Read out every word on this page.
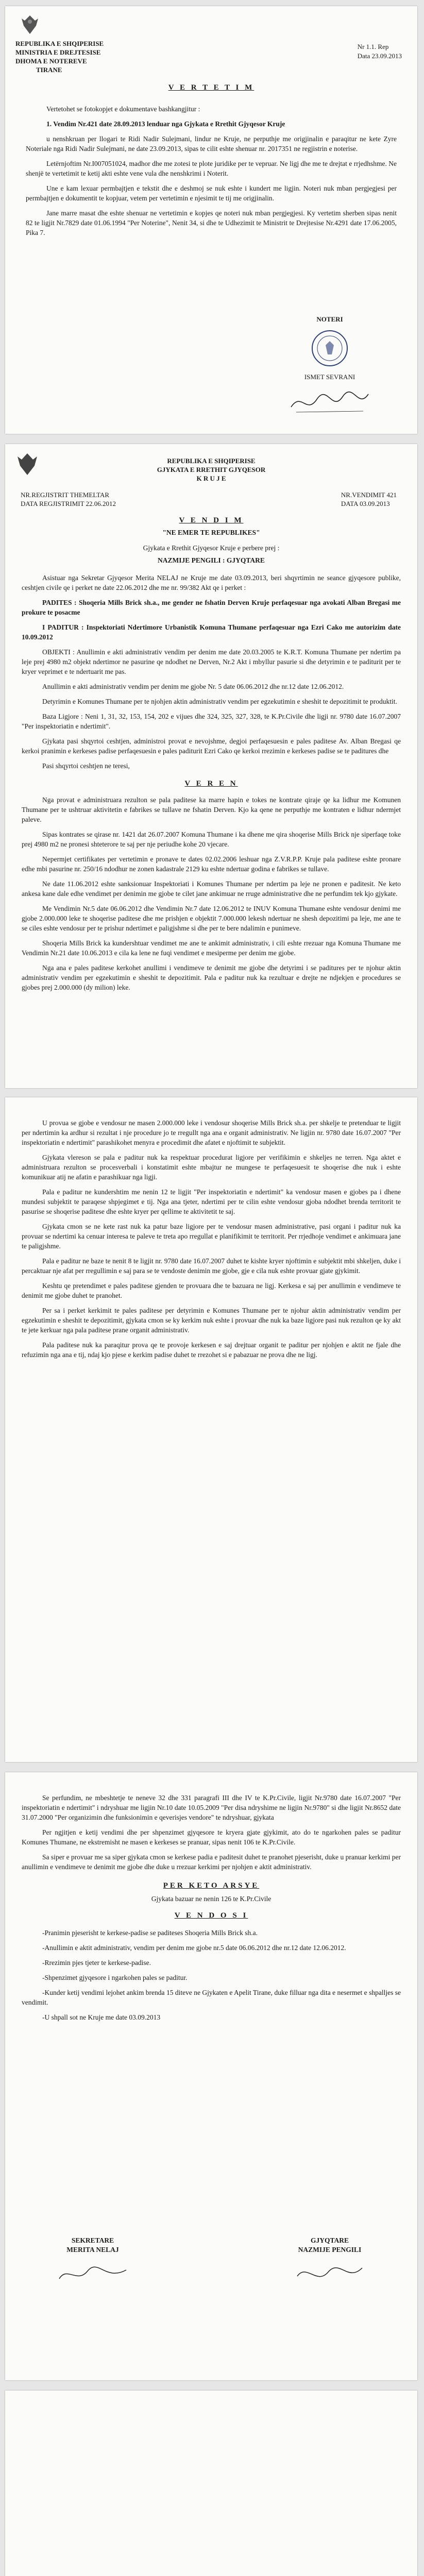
REPUBLIKA E SHQIPERISE
MINISTRIA E DREJTESISE
DHOMA E NOTEREVE
TIRANE
Nr 1.1. Rep
Data 23.09.2013
V E R T E T I M

Vertetohet se fotokopjet e dokumentave bashkangjitur :

1. Vendim Nr.421 date 28.09.2013 lenduar nga Gjykata e Rrethit Gjyqesor Kruje

u nenshkruan per llogari te Ridi Nadir Sulejmani, lindur ne Kruje, ne perputhje me origjinalin e paraqitur ne kete Zyre Noteriale nga Ridi Nadir Sulejmani, ne date 23.09.2013, sipas te cilit eshte shenuar nr. 2017351 ne regjistrin e noterise.

Letërnjoftim Nr.I007051024, madhor dhe me zotesi te plote juridike per te vepruar. Ne ligj dhe me te drejtat e rrjedhshme. Ne shenjë te vertetimit te ketij akti eshte vene vula dhe nenshkrimi i Noterit.

Une e kam lexuar permbajtjen e tekstit dhe e deshmoj se nuk eshte i kundert me ligjin. Noteri nuk mban pergjegjesi per permbajtjen e dokumentit te kopjuar, vetem per vertetimin e njesimit te tij me origjinalin.

Jane marre masat dhe eshte shenuar ne vertetimin e kopjes qe noteri nuk mban pergjegjesi. Ky vertetim sherben sipas nenit 82 te ligjit Nr.7829 date 01.06.1994 "Per Noterine", Nenit 34, si dhe te Udhezimit te Ministrit te Drejtesise Nr.4291 date 17.06.2005, Pika 7.

NOTERI
ISMET SEVRANI
REPUBLIKA E SHQIPERISE
GJYKATA E RRETHIT GJYQESOR
K R U J E
NR.REGJISTRIT THEMELTAR
DATA REGJISTRIMIT 22.06.2012
NR.VENDIMIT 421
DATA 03.09.2013
V E N D I M
"NE EMER TE REPUBLIKES"
Gjykata e Rrethit Gjyqesor Kruje e perbere prej :
NAZMIJE PENGILI : GJYQTARE

Asistuar nga Sekretar Gjyqesor Merita NELAJ ne Kruje me date 03.09.2013, beri shqyrtimin ne seance gjyqesore publike, ceshtjen civile qe i perket ne date 22.06.2012 dhe me nr. 99/382 Akt qe i perket :

PADITES : Shoqeria Mills Brick sh.a., me gender ne fshatin Derven Kruje perfaqesuar nga avokati Alban Bregasi me prokure te posacme

I PADITUR : Inspektoriati Ndertimore Urbanistik Komuna Thumane perfaqesuar nga Ezri Cako me autorizim date 10.09.2012

OBJEKTI : Anullimin e akti administrativ vendim per denim me date 20.03.2005 te K.R.T. Komuna Thumane per ndertim pa leje prej 4980 m2 objekt ndertimor ne pasurine qe ndodhet ne Derven, Nr.2 Akt i mbyllur pasurie si dhe detyrimin e te paditurit per te kryer veprimet e te ndertuarit me pas.

Anullimin e akti administrativ vendim per denim me gjobe Nr. 5 date 06.06.2012 dhe nr.12 date 12.06.2012.

Detyrimin e Komunes Thumane per te njohjen aktin administrativ vendim per egzekutimin e sheshit te depozitimit te produktit.

Baza Ligjore : Neni 1, 31, 32, 153, 154, 202 e vijues dhe 324, 325, 327, 328, te K.Pr.Civile dhe ligji nr. 9780 date 16.07.2007 "Per inspektoriatin e ndertimit".

Gjykata pasi shqyrtoi ceshtjen, administroi provat e nevojshme, degjoi perfaqesuesin e pales paditese Av. Alban Bregasi qe kerkoi pranimin e kerkeses padise perfaqesuesin e pales paditurit Ezri Cako qe kerkoi rrezimin e kerkeses padise se te paditures dhe

Pasi shqyrtoi ceshtjen ne teresi,

V E R E N

Nga provat e administruara rezulton se pala paditese ka marre hapin e tokes ne kontrate qiraje qe ka lidhur me Komunen Thumane per te ushtruar aktivitetin e fabrikes se tullave ne fshatin Derven. Kjo ka qene ne perputhje me kontraten e lidhur ndermjet paleve.

Sipas kontrates se qirase nr. 1421 dat 26.07.2007 Komuna Thumane i ka dhene me qira shoqerise Mills Brick nje siperfaqe toke prej 4980 m2 ne pronesi shteterore te saj per nje periudhe kohe 20 vjecare.

Nepermjet certifikates per vertetimin e pronave te dates 02.02.2006 leshuar nga Z.V.R.P.P. Kruje pala paditese eshte pronare edhe mbi pasurine nr. 250/16 ndodhur ne zonen kadastrale 2129 ku eshte ndertuar godina e fabrikes se tullave.

Ne date 11.06.2012 eshte sanksionuar Inspektoriati i Komunes Thumane per ndertim pa leje ne pronen e paditesit. Ne keto ankesa kane dale edhe vendimet per denimin me gjobe te cilet jane ankimuar ne rruge administrative dhe ne perfundim tek kjo gjykate.

Me Vendimin Nr.5 date 06.06.2012 dhe Vendimin Nr.7 date 12.06.2012 te INUV Komuna Thumane eshte vendosur denimi me gjobe 2.000.000 leke te shoqerise paditese dhe me prishjen e objektit 7.000.000 lekesh ndertuar ne shesh depozitimi pa leje, me ane te se ciles eshte vendosur per te prishur ndertimet e paligjshme si dhe per te bere ndalimin e punimeve.

Shoqeria Mills Brick ka kundershtuar vendimet me ane te ankimit administrativ, i cili eshte rrezuar nga Komuna Thumane me Vendimin Nr.21 date 10.06.2013 e cila ka lene ne fuqi vendimet e mesiperme per denim me gjobe.

Nga ana e pales paditese kerkohet anullimi i vendimeve te denimit me gjobe dhe detyrimi i se paditures per te njohur aktin administrativ vendim per egzekutimin e sheshit te depozitimit. Pala e paditur nuk ka rezultuar e drejte ne ndjekjen e procedures se gjobes prej 2.000.000 (dy milion) leke.

U provua se gjobe e vendosur ne masen 2.000.000 leke i vendosur shoqerise Mills Brick sh.a. per shkelje te pretenduar te ligjit per ndertimin ka ardhur si rezultat i nje procedure jo te rregullt nga ana e organit administrativ. Ne ligjin nr. 9780 date 16.07.2007 "Per inspektoriatin e ndertimit" parashikohet menyra e procedimit dhe afatet e njoftimit te subjektit.

Gjykata vlereson se pala e paditur nuk ka respektuar procedurat ligjore per verifikimin e shkeljes ne terren. Nga aktet e administruara rezulton se procesverbali i konstatimit eshte mbajtur ne mungese te perfaqesuesit te shoqerise dhe nuk i eshte komunikuar atij ne afatin e parashikuar nga ligji.

Pala e paditur ne kundershtim me nenin 12 te ligjit "Per inspektoriatin e ndertimit" ka vendosur masen e gjobes pa i dhene mundesi subjektit te paraqese shpjegimet e tij. Nga ana tjeter, ndertimi per te cilin eshte vendosur gjoba ndodhet brenda territorit te pasurise se shoqerise paditese dhe eshte kryer per qellime te aktivitetit te saj.

Gjykata cmon se ne kete rast nuk ka patur baze ligjore per te vendosur masen administrative, pasi organi i paditur nuk ka provuar se ndertimi ka cenuar interesa te paleve te treta apo rregullat e planifikimit te territorit. Per rrjedhoje vendimet e ankimuara jane te paligjshme.

Pala e paditur ne baze te nenit 8 te ligjit nr. 9780 date 16.07.2007 duhet te kishte kryer njoftimin e subjektit mbi shkeljen, duke i percaktuar nje afat per rregullimin e saj para se te vendoste denimin me gjobe, gje e cila nuk eshte provuar gjate gjykimit.

Keshtu qe pretendimet e pales paditese gjenden te provuara dhe te bazuara ne ligj. Kerkesa e saj per anullimin e vendimeve te denimit me gjobe duhet te pranohet.

Per sa i perket kerkimit te pales paditese per detyrimin e Komunes Thumane per te njohur aktin administrativ vendim per egzekutimin e sheshit te depozitimit, gjykata cmon se ky kerkim nuk eshte i provuar dhe nuk ka baze ligjore pasi nuk rezulton qe ky akt te jete kerkuar nga pala paditese prane organit administrativ.

Pala paditese nuk ka paraqitur prova qe te provoje kerkesen e saj drejtuar organit te paditur per njohjen e aktit ne fjale dhe refuzimin nga ana e tij, ndaj kjo pjese e kerkim padise duhet te rrezohet si e pabazuar ne prova dhe ne ligj.

Se perfundim, ne mbeshtetje te neneve 32 dhe 331 paragrafi III dhe IV te K.Pr.Civile, ligjit Nr.9780 date 16.07.2007 "Per inspektoriatin e ndertimit" i ndryshuar me ligjin Nr.10 date 10.05.2009 "Per disa ndryshime ne ligjin Nr.9780" si dhe ligjit Nr.8652 date 31.07.2000 "Per organizimin dhe funksionimin e qeverisjes vendore" te ndryshuar, gjykata

Per ngjitjen e ketij vendimi dhe per shpenzimet gjyqesore te kryera gjate gjykimit, ato do te ngarkohen pales se paditur Komunes Thumane, ne ekstremisht ne masen e kerkeses se pranuar, sipas nenit 106 te K.Pr.Civile.

Sa siper e provuar me sa siper gjykata cmon se kerkese padia e paditesit duhet te pranohet pjeserisht, duke u pranuar kerkimi per anullimin e vendimeve te denimit me gjobe dhe duke u rrezuar kerkimi per njohjen e aktit administrativ.

PER KETO ARSYE
Gjykata bazuar ne nenin 126 te K.Pr.Civile
V E N D O S I

-Pranimin pjeserisht te kerkese-padise se paditeses Shoqeria Mills Brick sh.a.

-Anullimin e aktit administrativ, vendim per denim me gjobe nr.5 date 06.06.2012 dhe nr.12 date 12.06.2012.

-Rrezimin pjes tjeter te kerkese-padise.

-Shpenzimet gjyqesore i ngarkohen pales se paditur.

-Kunder ketij vendimi lejohet ankim brenda 15 diteve ne Gjykaten e Apelit Tirane, duke filluar nga dita e nesermet e shpalljes se vendimit.

-U shpall sot ne Kruje me date 03.09.2013

SEKRETARE
MERITA NELAJ
GJYQTARE
NAZMIJE PENGILI
